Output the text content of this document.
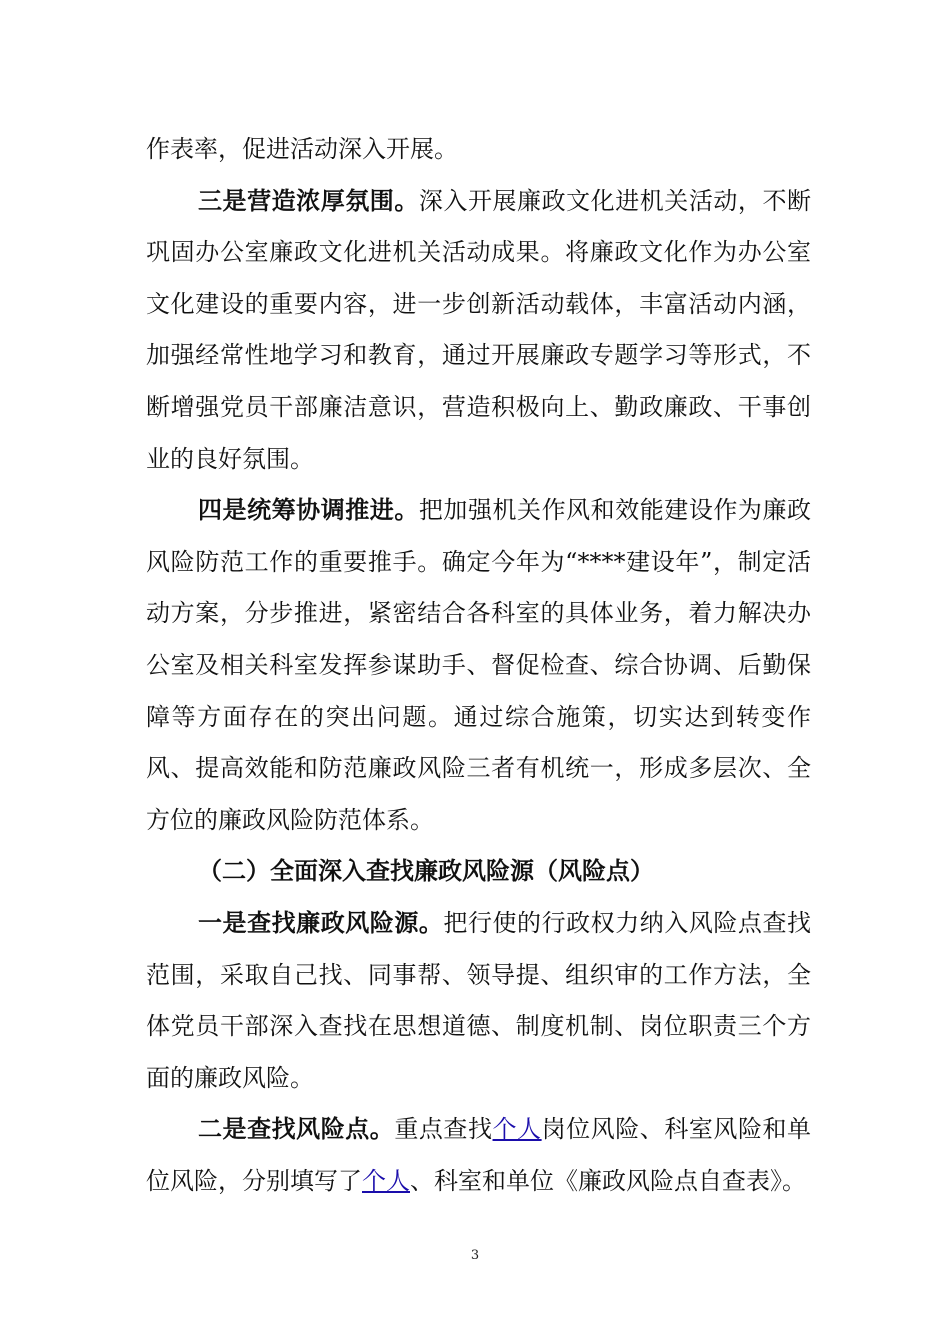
作表率，促进活动深入开展。

三是营造浓厚氛围。深入开展廉政文化进机关活动，不断巩固办公室廉政文化进机关活动成果。将廉政文化作为办公室文化建设的重要内容，进一步创新活动载体，丰富活动内涵，加强经常性地学习和教育，通过开展廉政专题学习等形式，不断增强党员干部廉洁意识，营造积极向上、勤政廉政、干事创业的良好氛围。

四是统筹协调推进。把加强机关作风和效能建设作为廉政风险防范工作的重要推手。确定今年为“****建设年”，制定活动方案，分步推进，紧密结合各科室的具体业务，着力解决办公室及相关科室发挥参谋助手、督促检查、综合协调、后勤保障等方面存在的突出问题。通过综合施策，切实达到转变作风、提高效能和防范廉政风险三者有机统一，形成多层次、全方位的廉政风险防范体系。

（二）全面深入查找廉政风险源（风险点）

一是查找廉政风险源。把行使的行政权力纳入风险点查找范围，采取自己找、同事帮、领导提、组织审的工作方法，全体党员干部深入查找在思想道德、制度机制、岗位职责三个方面的廉政风险。

二是查找风险点。重点查找个人岗位风险、科室风险和单位风险，分别填写了个人、科室和单位《廉政风险点自查表》。

3
